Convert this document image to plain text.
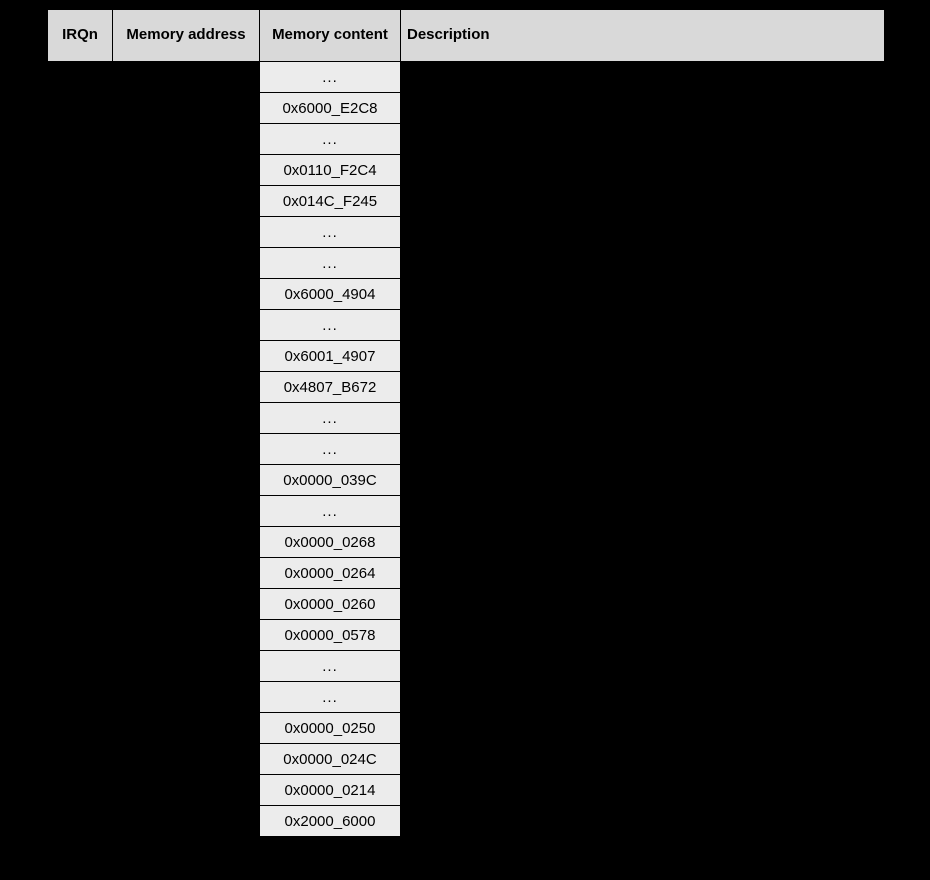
IRQn	Memory address	Memory content	Description
		...	
		0x6000_E2C8	
		...	
		0x0110_F2C4	
		0x014C_F245	
		...	
		...	
		0x6000_4904	
		...	
		0x6001_4907	
		0x4807_B672	
		...	
		...	
		0x0000_039C	
		...	
		0x0000_0268	
		0x0000_0264	
		0x0000_0260	
		0x0000_0578	
		...	
		...	
		0x0000_0250	
		0x0000_024C	
		0x0000_0214	
		0x2000_6000	
